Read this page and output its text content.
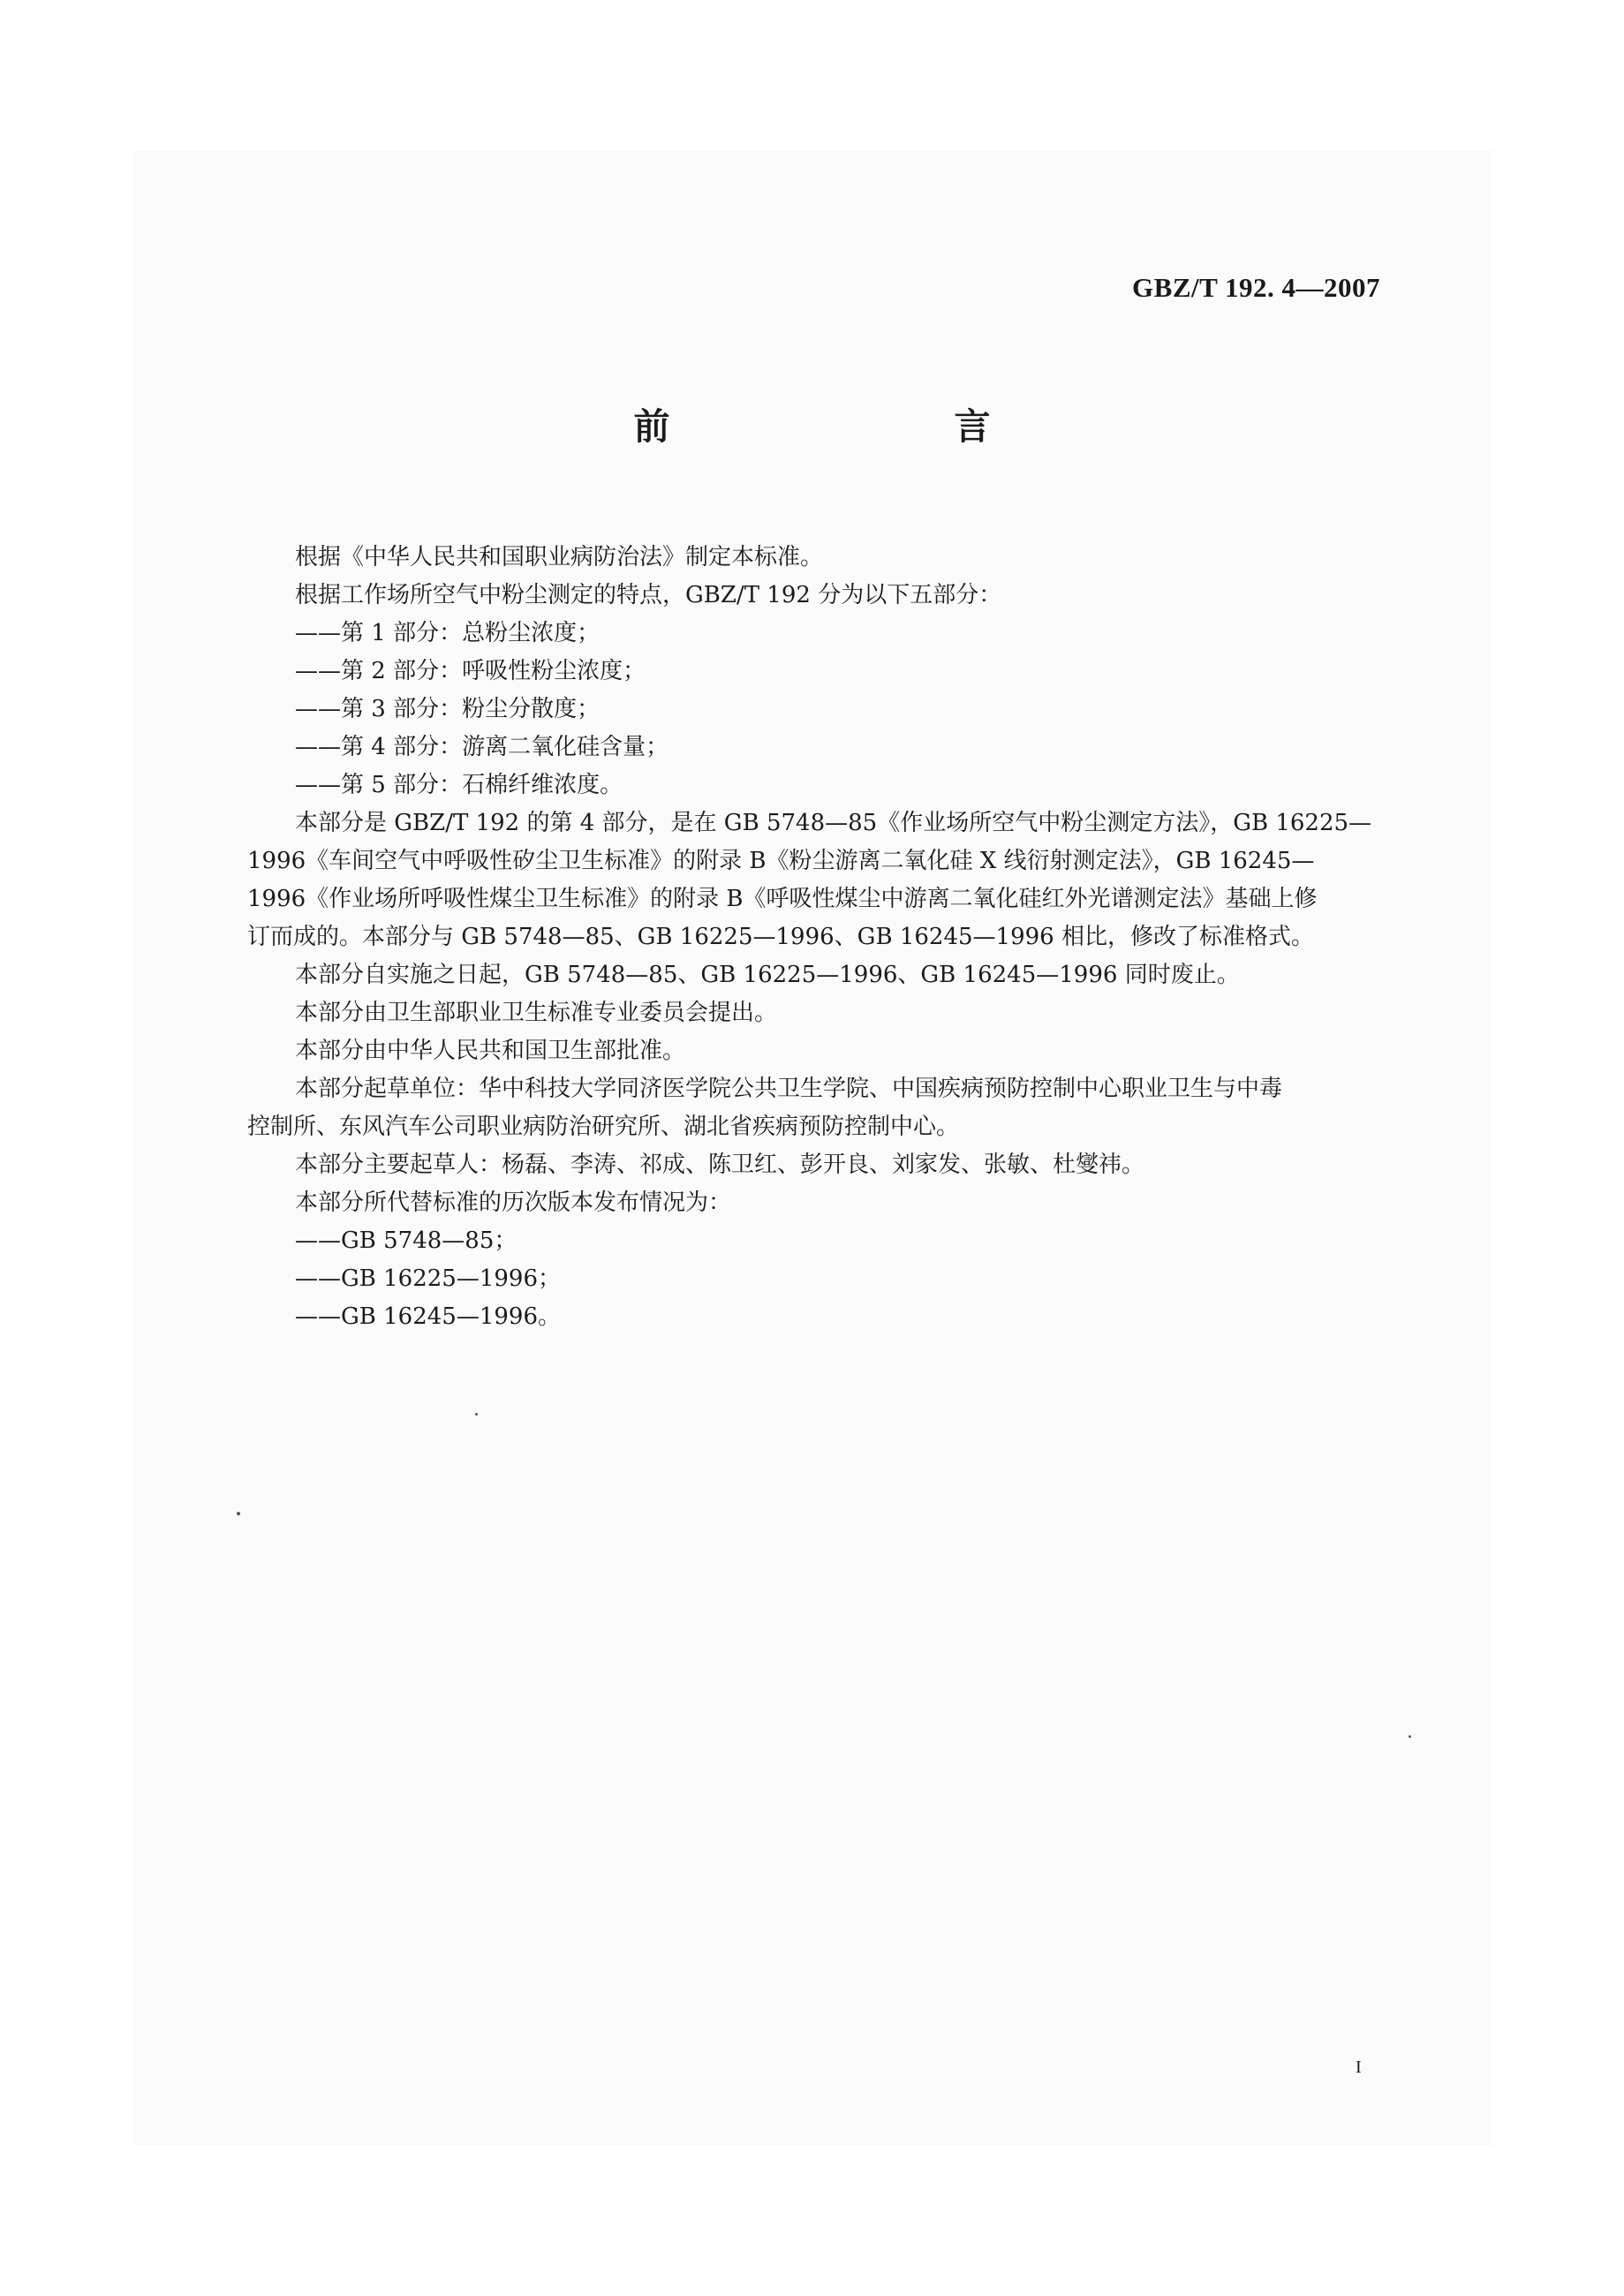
GBZ/T 192. 4—2007
前　　言
根据《中华人民共和国职业病防治法》制定本标准。
根据工作场所空气中粉尘测定的特点，GBZ/T 192 分为以下五部分：
——第 1 部分：总粉尘浓度；
——第 2 部分：呼吸性粉尘浓度；
——第 3 部分：粉尘分散度；
——第 4 部分：游离二氧化硅含量；
——第 5 部分：石棉纤维浓度。
本部分是 GBZ/T 192 的第 4 部分，是在 GB 5748—85《作业场所空气中粉尘测定方法》，GB 16225—
1996《车间空气中呼吸性矽尘卫生标准》的附录 B《粉尘游离二氧化硅 X 线衍射测定法》，GB 16245—
1996《作业场所呼吸性煤尘卫生标准》的附录 B《呼吸性煤尘中游离二氧化硅红外光谱测定法》基础上修
订而成的。本部分与 GB 5748—85、GB 16225—1996、GB 16245—1996 相比，修改了标准格式。
本部分自实施之日起，GB 5748—85、GB 16225—1996、GB 16245—1996 同时废止。
本部分由卫生部职业卫生标准专业委员会提出。
本部分由中华人民共和国卫生部批准。
本部分起草单位：华中科技大学同济医学院公共卫生学院、中国疾病预防控制中心职业卫生与中毒
控制所、东风汽车公司职业病防治研究所、湖北省疾病预防控制中心。
本部分主要起草人：杨磊、李涛、祁成、陈卫红、彭开良、刘家发、张敏、杜燮祎。
本部分所代替标准的历次版本发布情况为：
——GB 5748—85；
——GB 16225—1996；
——GB 16245—1996。
I
